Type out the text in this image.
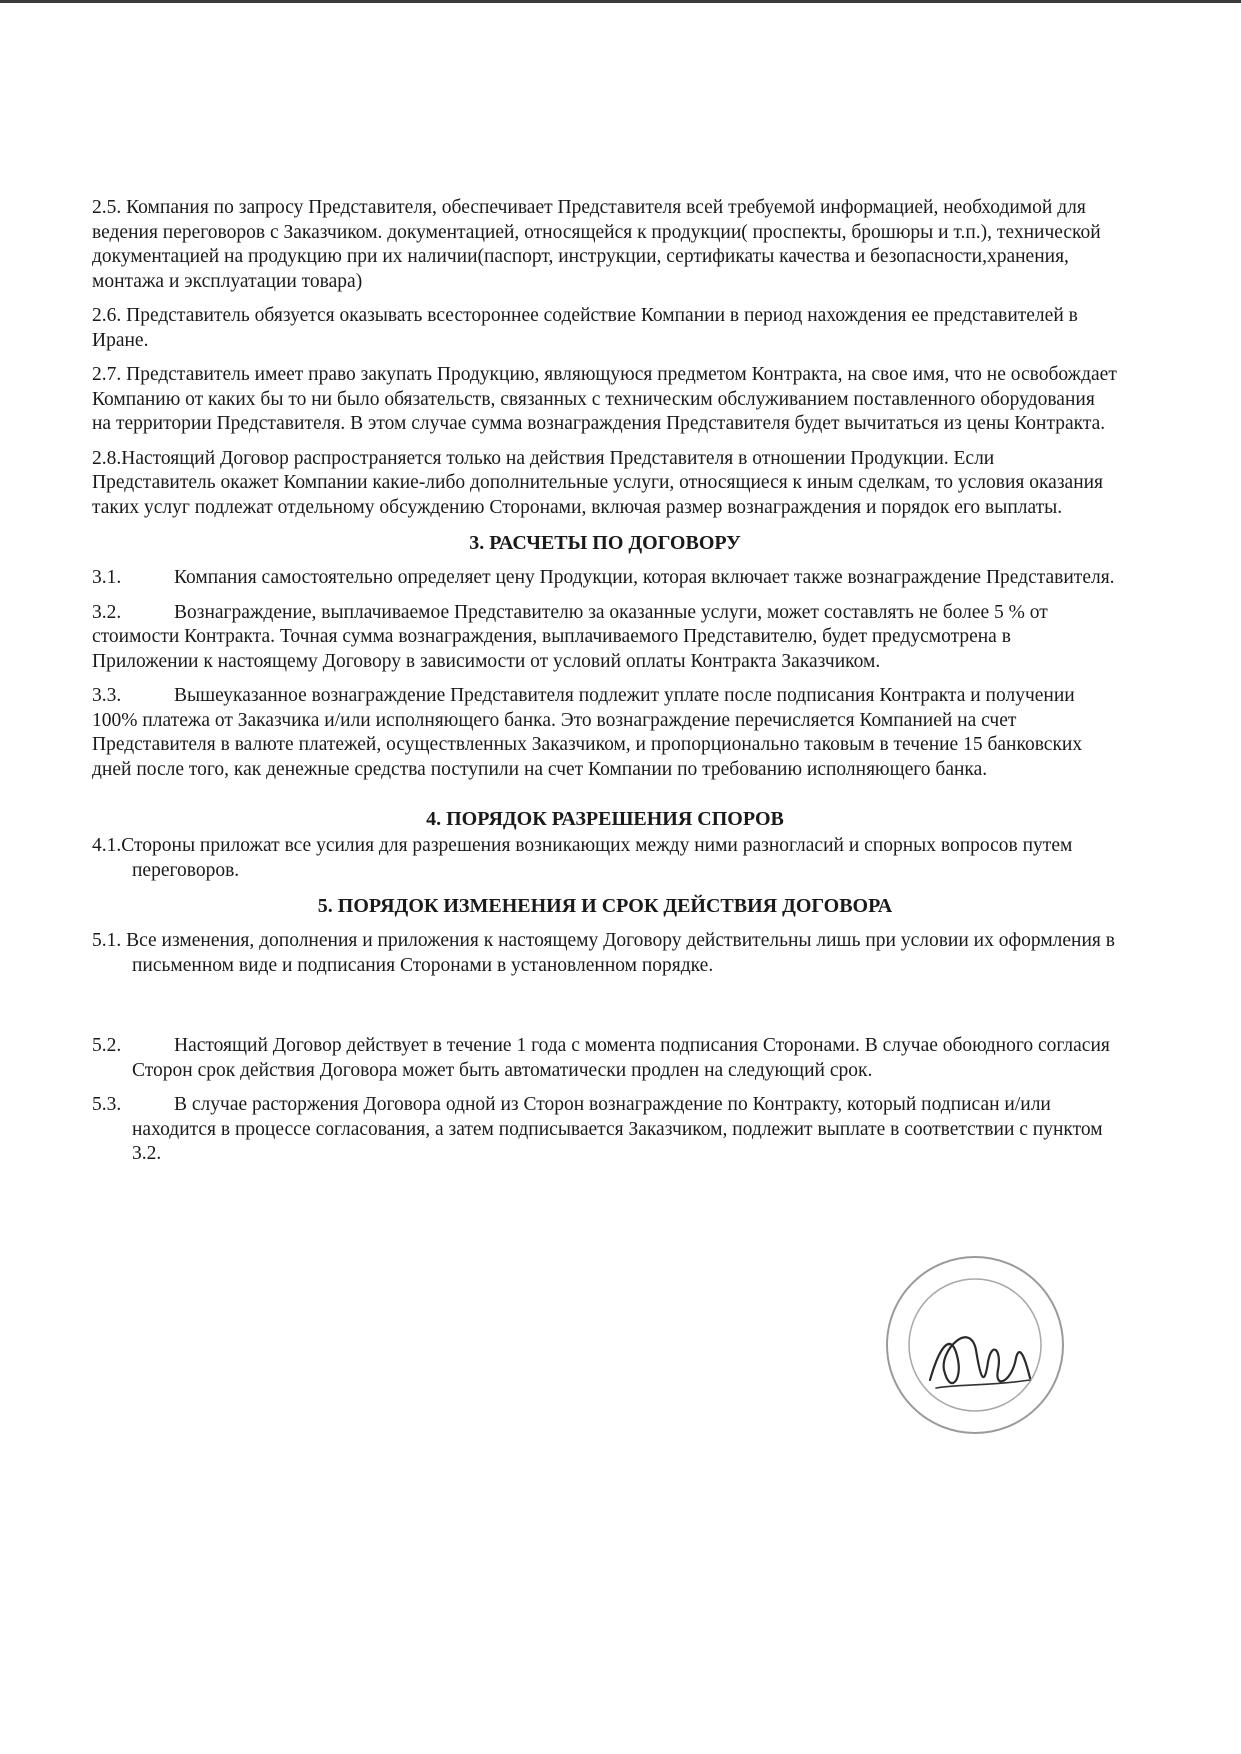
2.5. Компания по запросу Представителя, обеспечивает Представителя всей требуемой информацией, необходимой для ведения переговоров с Заказчиком. документацией, относящейся к продукции( проспекты, брошюры и т.п.), технической документацией на продукцию при их наличии(паспорт, инструкции, сертификаты качества и безопасности,хранения, монтажа и эксплуатации товара)

2.6. Представитель обязуется оказывать всестороннее содействие Компании в период нахождения ее представителей в Иране.

2.7. Представитель имеет право закупать Продукцию, являющуюся предметом Контракта, на свое имя, что не освобождает Компанию от каких бы то ни было обязательств, связанных с техническим обслуживанием поставленного оборудования на территории Представителя. В этом случае сумма вознаграждения Представителя будет вычитаться из цены Контракта.

2.8.Настоящий Договор распространяется только на действия Представителя в отношении Продукции. Если Представитель окажет Компании какие-либо дополнительные услуги, относящиеся к иным сделкам, то условия оказания таких услуг подлежат отдельному обсуждению Сторонами, включая размер вознаграждения и порядок его выплаты.

3. РАСЧЕТЫ ПО ДОГОВОРУ

3.1.	Компания самостоятельно определяет цену Продукции, которая включает также вознаграждение Представителя.

3.2.	Вознаграждение, выплачиваемое Представителю за оказанные услуги, может составлять не более 5 % от стоимости Контракта. Точная сумма вознаграждения, выплачиваемого Представителю, будет предусмотрена в Приложении к настоящему Договору в зависимости от условий оплаты Контракта Заказчиком.

3.3.	Вышеуказанное вознаграждение Представителя подлежит уплате после подписания Контракта и получении 100% платежа от Заказчика и/или исполняющего банка. Это вознаграждение перечисляется Компанией на счет Представителя в валюте платежей, осуществленных Заказчиком, и пропорционально таковым в течение 15 банковских дней после того, как денежные средства поступили на счет Компании по требованию исполняющего банка.

4. ПОРЯДОК РАЗРЕШЕНИЯ СПОРОВ

4.1.Стороны приложат все усилия для разрешения возникающих между ними разногласий и спорных вопросов путем переговоров.

5. ПОРЯДОК ИЗМЕНЕНИЯ И СРОК ДЕЙСТВИЯ ДОГОВОРА

5.1. Все изменения, дополнения и приложения к настоящему Договору действительны лишь при условии их оформления в письменном виде и подписания Сторонами в установленном порядке.

5.2.	Настоящий Договор действует в течение 1 года с момента подписания Сторонами. В случае обоюдного согласия Сторон срок действия Договора может быть автоматически продлен на следующий срок.

5.3.	В случае расторжения Договора одной из Сторон вознаграждение по Контракту, который подписан и/или находится в процессе согласования, а затем подписывается Заказчиком, подлежит выплате в соответствии с пунктом 3.2.
